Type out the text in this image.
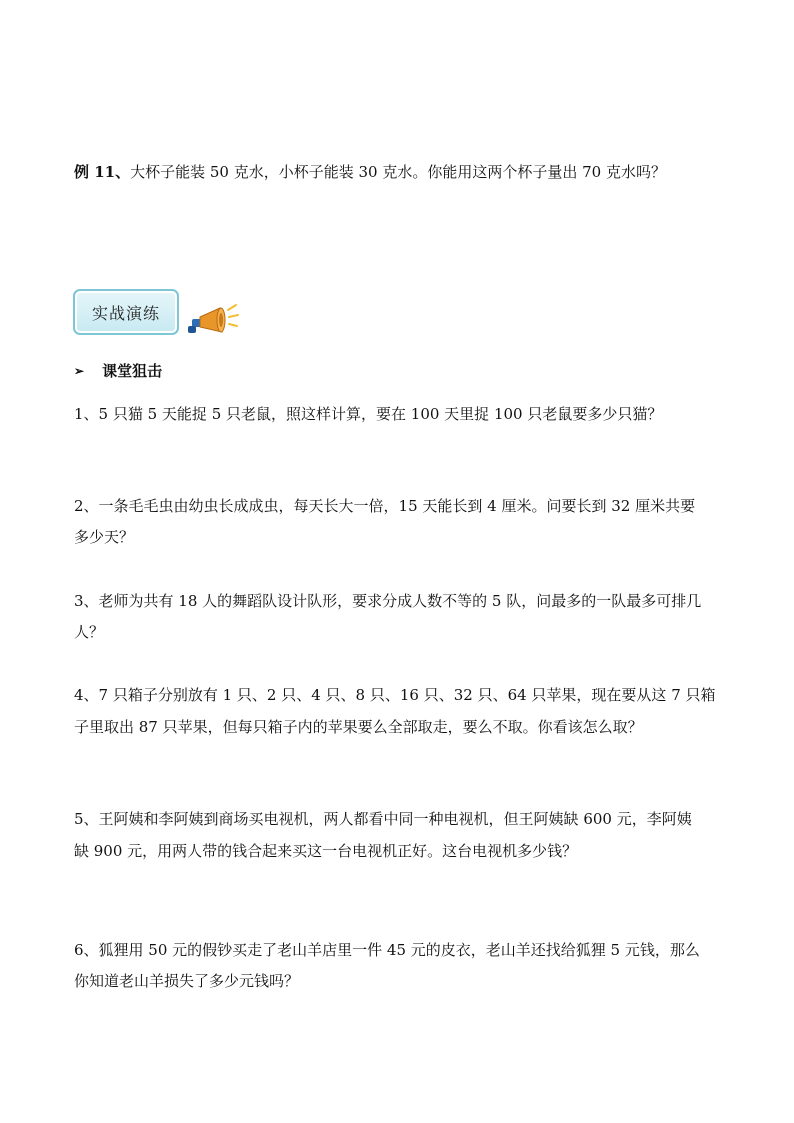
例 11、大杯子能装 50 克水，小杯子能装 30 克水。你能用这两个杯子量出 70 克水吗？
实战演练
➢ 课堂狙击
1、5 只猫 5 天能捉 5 只老鼠，照这样计算，要在 100 天里捉 100 只老鼠要多少只猫？
2、一条毛毛虫由幼虫长成成虫，每天长大一倍，15 天能长到 4 厘米。问要长到 32 厘米共要
多少天？
3、老师为共有 18 人的舞蹈队设计队形，要求分成人数不等的 5 队，问最多的一队最多可排几
人？
4、7 只箱子分别放有 1 只、2 只、4 只、8 只、16 只、32 只、64 只苹果，现在要从这 7 只箱
子里取出 87 只苹果，但每只箱子内的苹果要么全部取走，要么不取。你看该怎么取？
5、王阿姨和李阿姨到商场买电视机，两人都看中同一种电视机，但王阿姨缺 600 元，李阿姨
缺 900 元，用两人带的钱合起来买这一台电视机正好。这台电视机多少钱？
6、狐狸用 50 元的假钞买走了老山羊店里一件 45 元的皮衣，老山羊还找给狐狸 5 元钱，那么
你知道老山羊损失了多少元钱吗？
